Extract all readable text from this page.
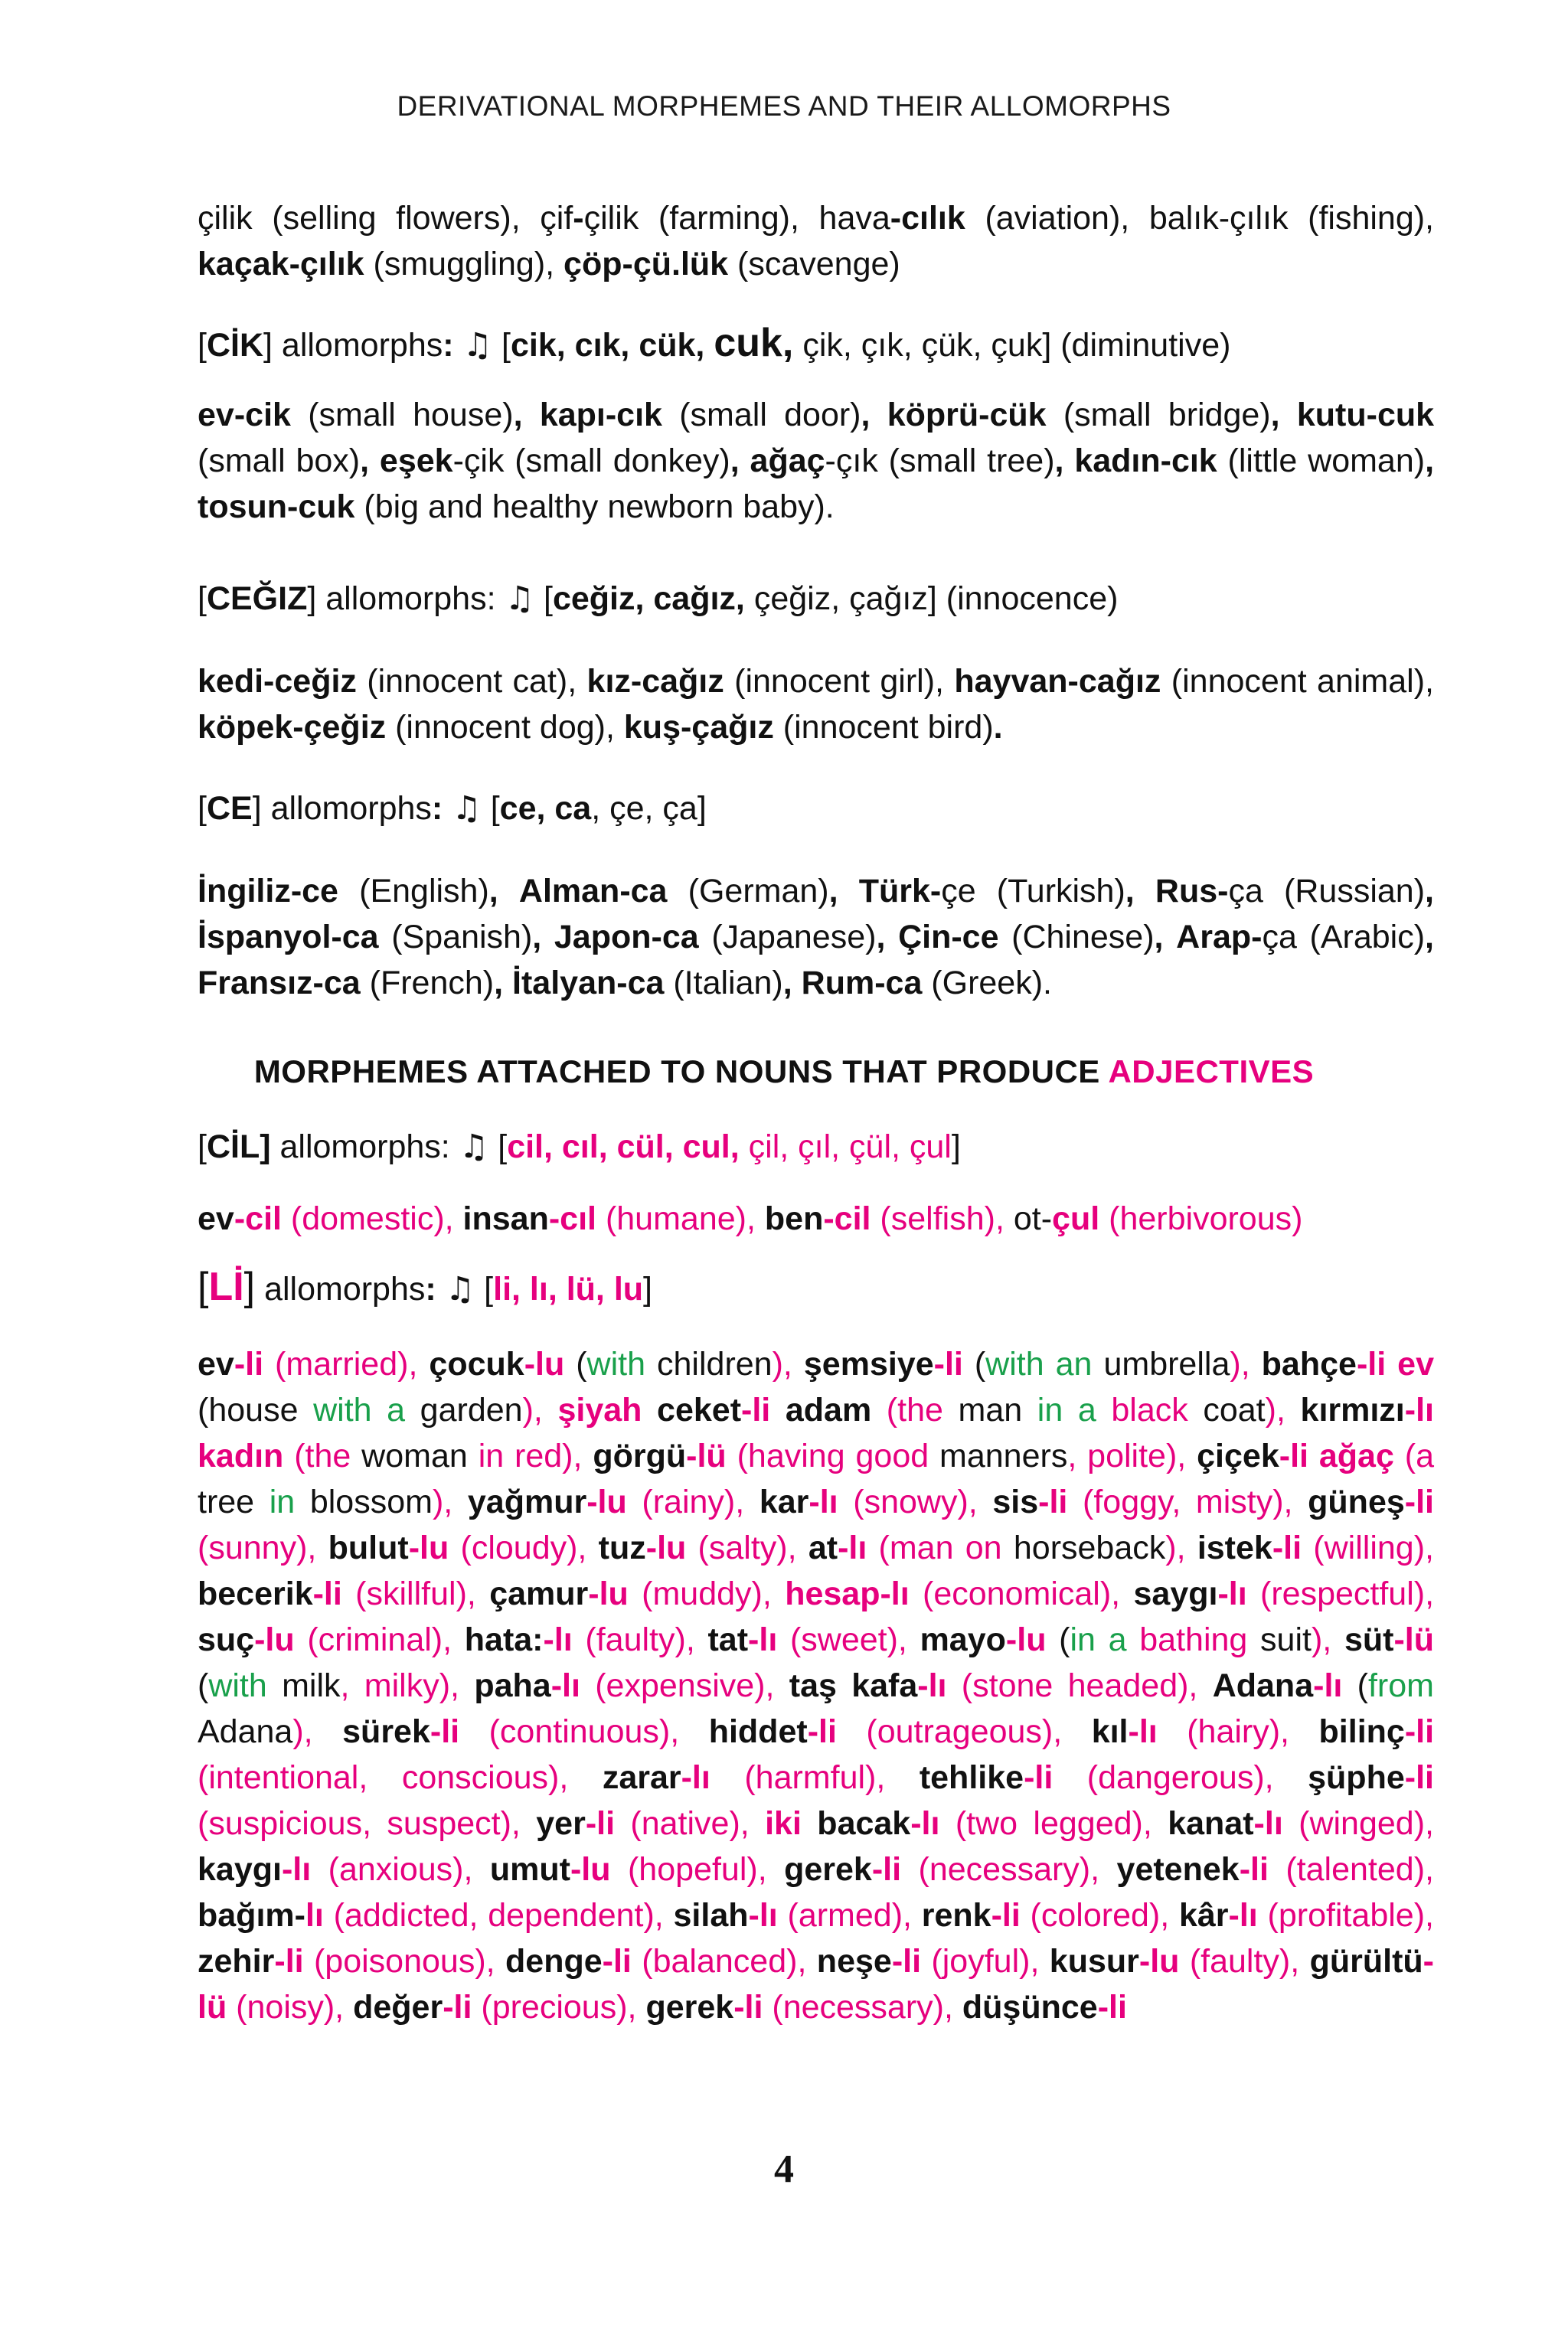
DERIVATIONAL MORPHEMES AND THEIR ALLOMORPHS

çilik (selling flowers), çif-çilik (farming), hava-cılık (aviation), balık-çılık (fishing), kaçak-çılık (smuggling), çöp-çü.lük (scavenge)

[CİK] allomorphs: ♫ [cik, cık, cük, cuk, çik, çık, çük, çuk] (diminutive)

ev-cik (small house), kapı-cık (small door), köprü-cük (small bridge), kutu-cuk (small box), eşek-çik (small donkey), ağaç-çık (small tree), kadın-cık (little woman), tosun-cuk (big and healthy newborn baby).

[CEĞIZ] allomorphs: ♫ [ceğiz, cağız, çeğiz, çağız] (innocence)

kedi-ceğiz (innocent cat), kız-cağız (innocent girl), hayvan-cağız (innocent animal), köpek-çeğiz (innocent dog), kuş-çağız (innocent bird).

[CE] allomorphs: ♫ [ce, ca, çe, ça]

İngiliz-ce (English), Alman-ca (German), Türk-çe (Turkish), Rus-ça (Russian), İspanyol-ca (Spanish), Japon-ca (Japanese), Çin-ce (Chinese), Arap-ça (Arabic), Fransız-ca (French), İtalyan-ca (Italian), Rum-ca (Greek).

MORPHEMES ATTACHED TO NOUNS THAT PRODUCE ADJECTIVES

[CİL] allomorphs: ♫ [cil, cıl, cül, cul, çil, çıl, çül, çul]

ev-cil (domestic), insan-cıl (humane), ben-cil (selfish), ot-çul (herbivorous)

[Lİ] allomorphs: ♫ [li, lı, lü, lu]

ev-li (married), çocuk-lu (with children), şemsiye-li (with an umbrella), bahçe-li ev (house with a garden), şiyah ceket-li adam (the man in a black coat), kırmızı-lı kadın (the woman in red), görgü-lü (having good manners, polite), çiçek-li ağaç (a tree in blossom), yağmur-lu (rainy), kar-lı (snowy), sis-li (foggy, misty), güneş-li (sunny), bulut-lu (cloudy), tuz-lu (salty), at-lı (man on horseback), istek-li (willing), becerik-li (skillful), çamur-lu (muddy), hesap-lı (economical), saygı-lı (respectful), suç-lu (criminal), hata:-lı (faulty), tat-lı (sweet), mayo-lu (in a bathing suit), süt-lü (with milk, milky), paha-lı (expensive), taş kafa-lı (stone headed), Adana-lı (from Adana), sürek-li (continuous), hiddet-li (outrageous), kıl-lı (hairy), bilinç-li (intentional, conscious), zarar-lı (harmful), tehlike-li (dangerous), şüphe-li (suspicious, suspect), yer-li (native), iki bacak-lı (two legged), kanat-lı (winged), kaygı-lı (anxious), umut-lu (hopeful), gerek-li (necessary), yetenek-li (talented), bağım-lı (addicted, dependent), silah-lı (armed), renk-li (colored), kâr-lı (profitable), zehir-li (poisonous), denge-li (balanced), neşe-li (joyful), kusur-lu (faulty), gürültü-lü (noisy), değer-li (precious), gerek-li (necessary), düşünce-li

4
